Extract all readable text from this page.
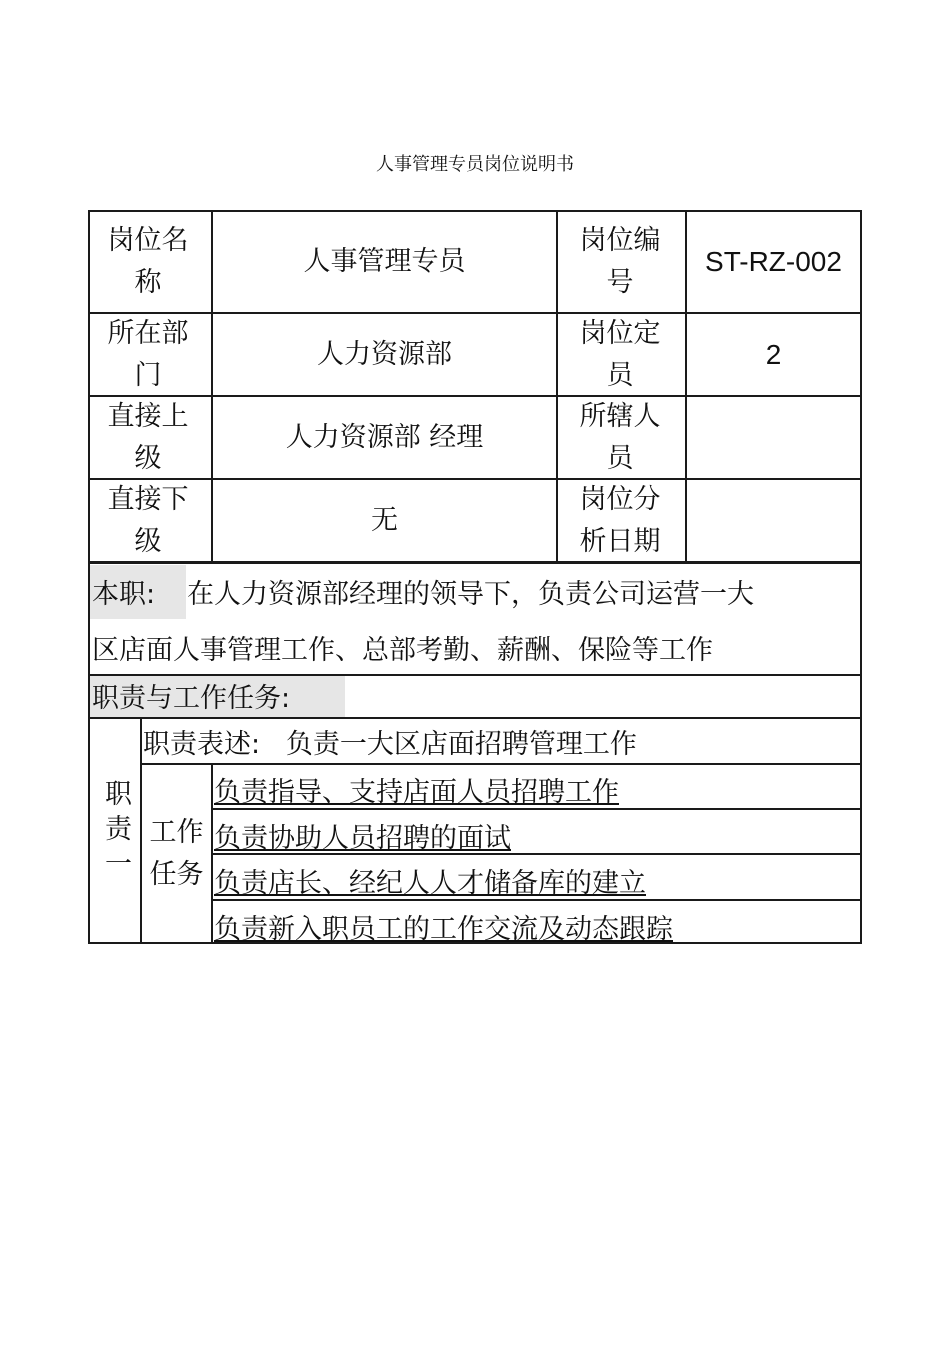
人事管理专员岗位说明书
岗位名称
人事管理专员
岗位编号
ST-RZ-002
所在部门
人力资源部
岗位定员
2
直接上级
人力资源部 经理
所辖人员
直接下级
无
岗位分析日期
本职: 在人力资源部经理的领导下，负责公司运营一大
区店面人事管理工作、总部考勤、薪酬、保险等工作
职责与工作任务:
职责一
职责表述:   负责一大区店面招聘管理工作
工作任务
负责指导、支持店面人员招聘工作
负责协助人员招聘的面试
负责店长、经纪人人才储备库的建立
负责新入职员工的工作交流及动态跟踪
